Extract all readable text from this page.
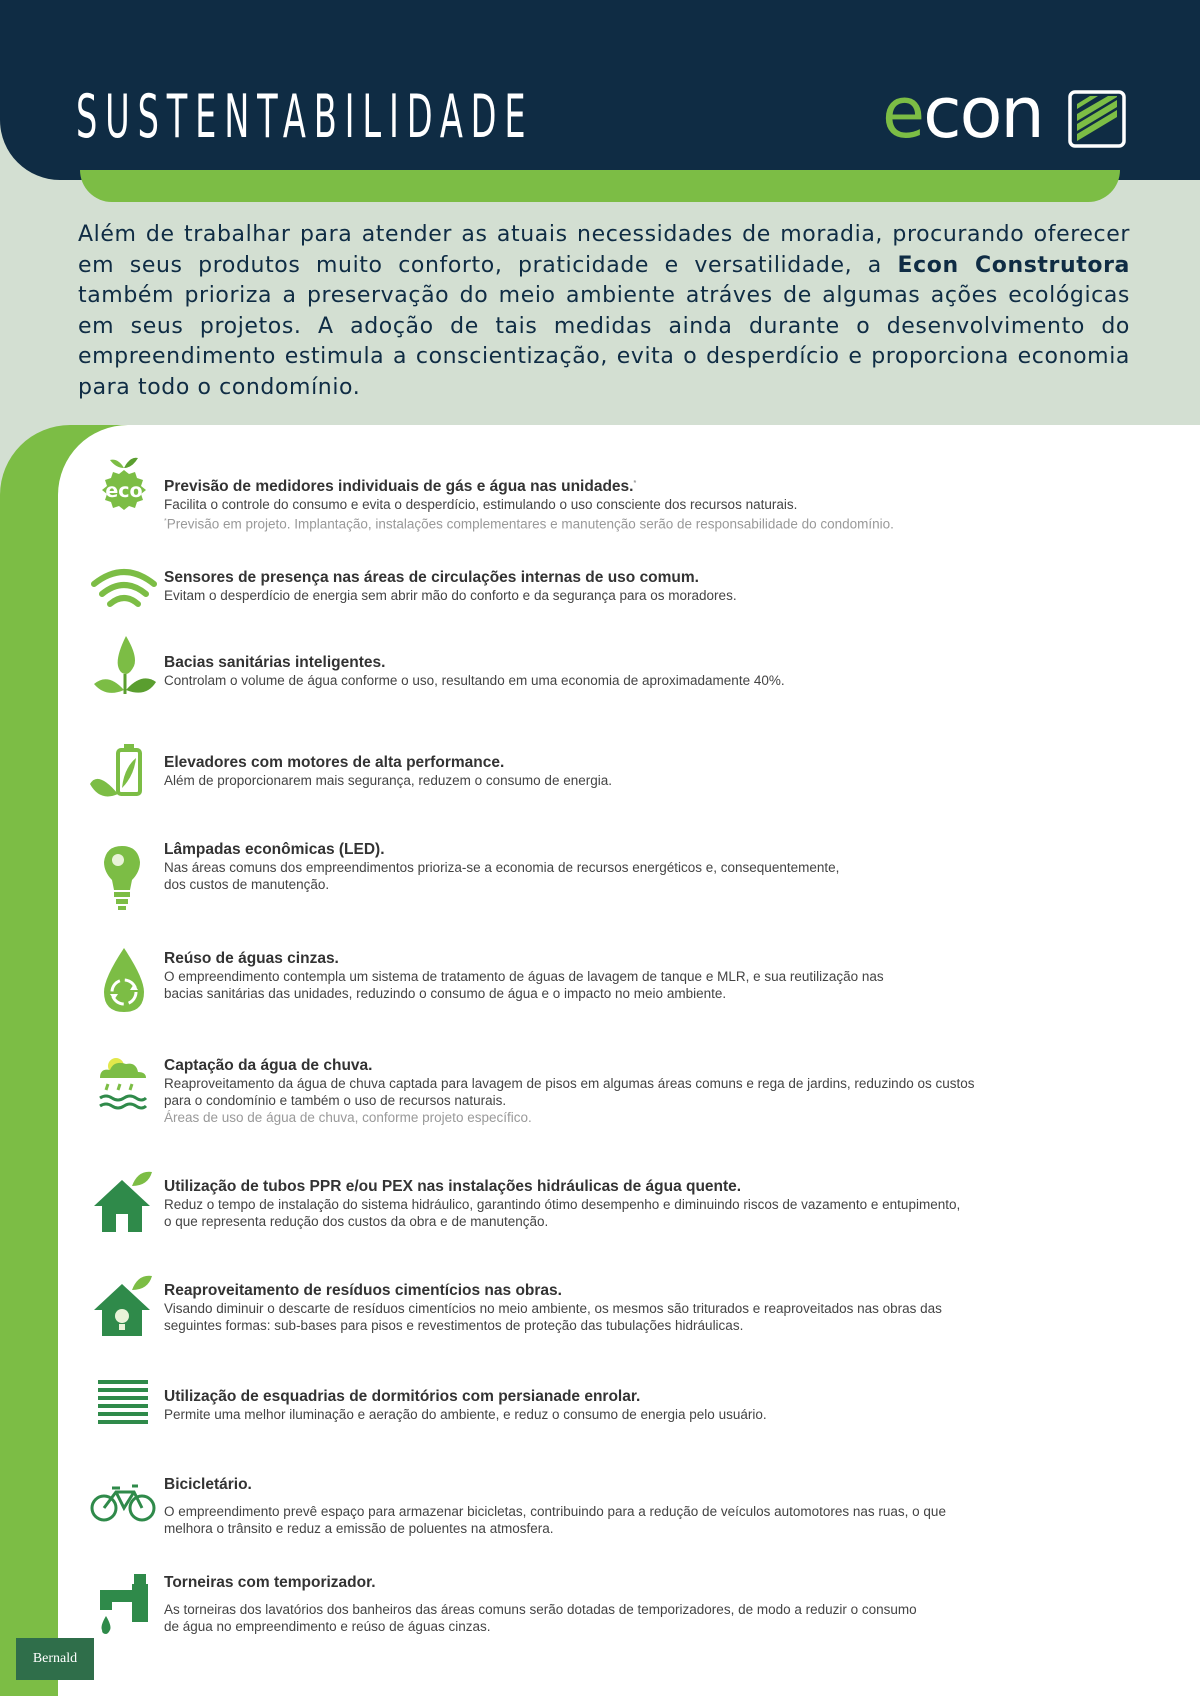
SUSTENTABILIDADE	econ

Além de trabalhar para atender as atuais necessidades de moradia, procurando oferecer em seus produtos muito conforto, praticidade e versatilidade, a Econ Construtora também prioriza a preservação do meio ambiente atráves de algumas ações ecológicas em seus projetos. A adoção de tais medidas ainda durante o desenvolvimento do empreendimento estimula a conscientização, evita o desperdício e proporciona economia para todo o condomínio.

eco Previsão de medidores individuais de gás e água nas unidades.*

Facilita o controle do consumo e evita o desperdício, estimulando o uso consciente dos recursos naturais.

*Previsão em projeto. Implantação, instalações complementares e manutenção serão de responsabilidade do condomínio.

Sensores de presença nas áreas de circulações internas de uso comum.

Evitam o desperdício de energia sem abrir mão do conforto e da segurança para os moradores.

Bacias sanitárias inteligentes.

Controlam o volume de água conforme o uso, resultando em uma economia de aproximadamente 40%.

Elevadores com motores de alta performance.

Além de proporcionarem mais segurança, reduzem o consumo de energia.

Lâmpadas econômicas (LED).

Nas áreas comuns dos empreendimentos prioriza-se a economia de recursos energéticos e, consequentemente,

dos custos de manutenção.

Reúso de águas cinzas.

O empreendimento contempla um sistema de tratamento de águas de lavagem de tanque e MLR, e sua reutilização nas

bacias sanitárias das unidades, reduzindo o consumo de água e o impacto no meio ambiente.

Captação da água de chuva.

Reaproveitamento da água de chuva captada para lavagem de pisos em algumas áreas comuns e rega de jardins, reduzindo os custos

para o condomínio e também o uso de recursos naturais.

Áreas de uso de água de chuva, conforme projeto específico.

Utilização de tubos PPR e/ou PEX nas instalações hidráulicas de água quente.

Reduz o tempo de instalação do sistema hidráulico, garantindo ótimo desempenho e diminuindo riscos de vazamento e entupimento,

o que representa redução dos custos da obra e de manutenção.

Reaproveitamento de resíduos cimentícios nas obras.

Visando diminuir o descarte de resíduos cimentícios no meio ambiente, os mesmos são triturados e reaproveitados nas obras das

seguintes formas: sub-bases para pisos e revestimentos de proteção das tubulações hidráulicas.

Utilização de esquadrias de dormitórios com persianade enrolar.

Permite uma melhor iluminação e aeração do ambiente, e reduz o consumo de energia pelo usuário.

Bicicletário.

O empreendimento prevê espaço para armazenar bicicletas, contribuindo para a redução de veículos automotores nas ruas, o que

melhora o trânsito e reduz a emissão de poluentes na atmosfera.

Torneiras com temporizador.

As torneiras dos lavatórios dos banheiros das áreas comuns serão dotadas de temporizadores, de modo a reduzir o consumo

de água no empreendimento e reúso de águas cinzas.

Bernald
